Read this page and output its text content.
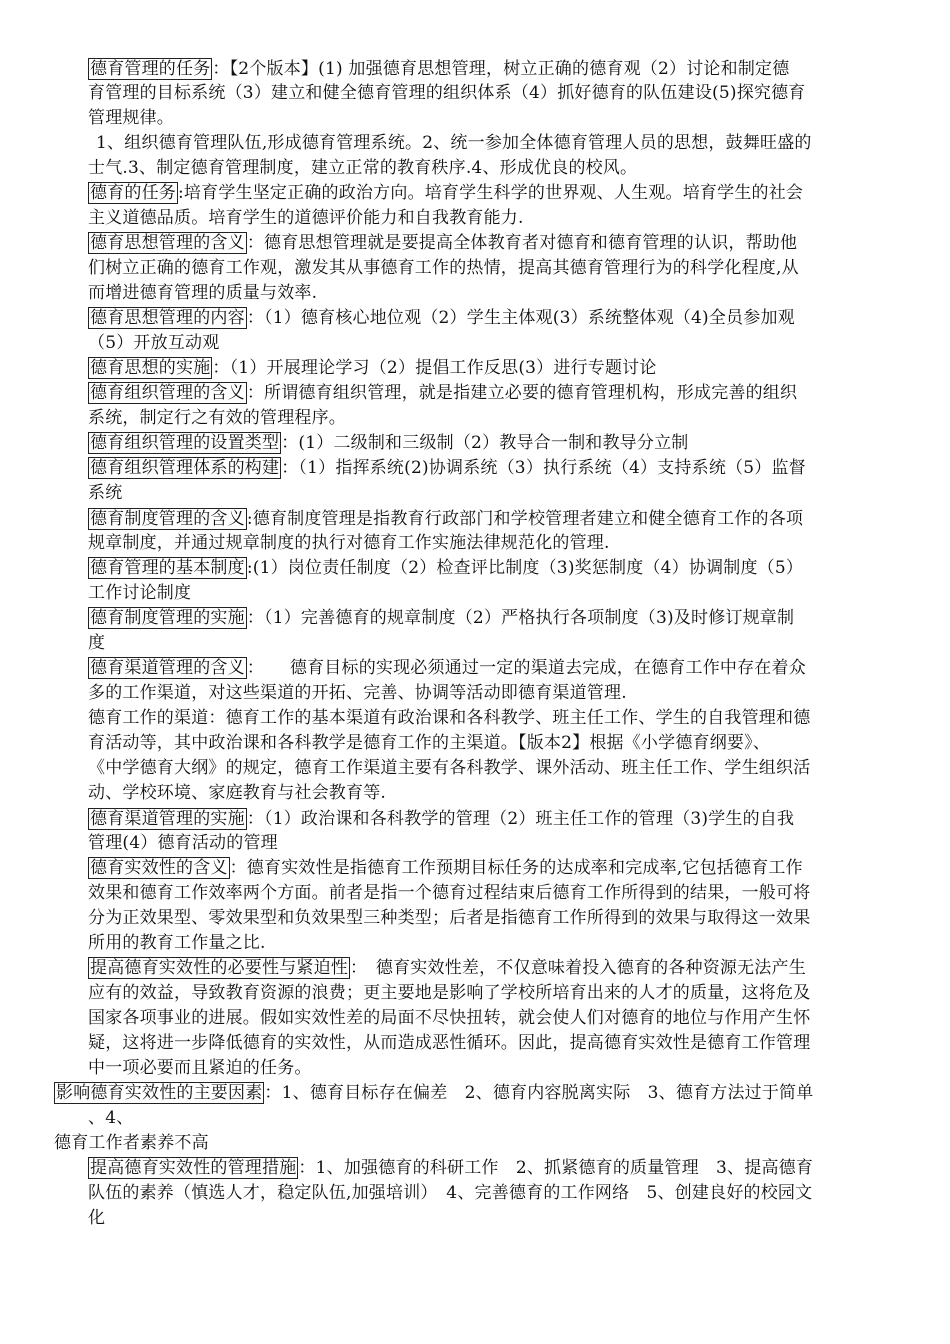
德育管理的任务 ：【2个版本】(1) 加强德育思想管理，树立正确的德育观（2）讨论和制定德
育管理的目标系统（3）建立和健全德育管理的组织体系（4）抓好德育的队伍建设(5)探究德育
管理规律。
1、组织德育管理队伍,形成德育管理系统。2、统一参加全体德育管理人员的思想，鼓舞旺盛的
士气.3、制定德育管理制度，建立正常的教育秩序.4、形成优良的校风。
德育的任务 :培育学生坚定正确的政治方向。培育学生科学的世界观、人生观。培育学生的社会
主义道德品质。培育学生的道德评价能力和自我教育能力.
德育思想管理的含义 ：德育思想管理就是要提高全体教育者对德育和德育管理的认识，帮助他
们树立正确的德育工作观，激发其从事德育工作的热情，提高其德育管理行为的科学化程度,从
而增进德育管理的质量与效率.
德育思想管理的内容 ：（1）德育核心地位观（2）学生主体观(3）系统整体观（4)全员参加观
（5）开放互动观
德育思想的实施 ：（1）开展理论学习（2）提倡工作反思(3）进行专题讨论
德育组织管理的含义 ：所谓德育组织管理，就是指建立必要的德育管理机构，形成完善的组织
系统，制定行之有效的管理程序。
德育组织管理的设置类型 ：(1）二级制和三级制（2）教导合一制和教导分立制
德育组织管理体系的构建 ：（1）指挥系统(2)协调系统（3）执行系统（4）支持系统（5）监督
系统
德育制度管理的含义 :德育制度管理是指教育行政部门和学校管理者建立和健全德育工作的各项
规章制度，并通过规章制度的执行对德育工作实施法律规范化的管理.
德育管理的基本制度 :(1）岗位责任制度（2）检查评比制度（3)奖惩制度（4）协调制度（5）
工作讨论制度
德育制度管理的实施 ：（1）完善德育的规章制度（2）严格执行各项制度（3)及时修订规章制
度
德育渠道管理的含义 ：　　德育目标的实现必须通过一定的渠道去完成，在德育工作中存在着众
多的工作渠道，对这些渠道的开拓、完善、协调等活动即德育渠道管理.
德育工作的渠道：德育工作的基本渠道有政治课和各科教学、班主任工作、学生的自我管理和德
育活动等，其中政治课和各科教学是德育工作的主渠道。【版本2】根据《小学德育纲要》、
《中学德育大纲》的规定，德育工作渠道主要有各科教学、课外活动、班主任工作、学生组织活
动、学校环境、家庭教育与社会教育等.
德育渠道管理的实施 ：（1）政治课和各科教学的管理（2）班主任工作的管理（3)学生的自我
管理(4）德育活动的管理
德育实效性的含义 ：德育实效性是指德育工作预期目标任务的达成率和完成率,它包括德育工作
效果和德育工作效率两个方面。前者是指一个德育过程结束后德育工作所得到的结果，一般可将
分为正效果型、零效果型和负效果型三种类型；后者是指德育工作所得到的效果与取得这一效果
所用的教育工作量之比.
提高德育实效性的必要性与紧迫性 ：　德育实效性差，不仅意味着投入德育的各种资源无法产生
应有的效益，导致教育资源的浪费；更主要地是影响了学校所培育出来的人才的质量，这将危及
国家各项事业的进展。假如实效性差的局面不尽快扭转，就会使人们对德育的地位与作用产生怀
疑，这将进一步降低德育的实效性，从而造成恶性循环。因此，提高德育实效性是德育工作管理
中一项必要而且紧迫的任务。
影响德育实效性的主要因素 ：1、德育目标存在偏差　2、德育内容脱离实际　3、德育方法过于简单
、4、
德育工作者素养不高
提高德育实效性的管理措施 ：1、加强德育的科研工作　2、抓紧德育的质量管理　3、提高德育
队伍的素养（慎选人才，稳定队伍,加强培训）　4、完善德育的工作网络　5、创建良好的校园文
化
